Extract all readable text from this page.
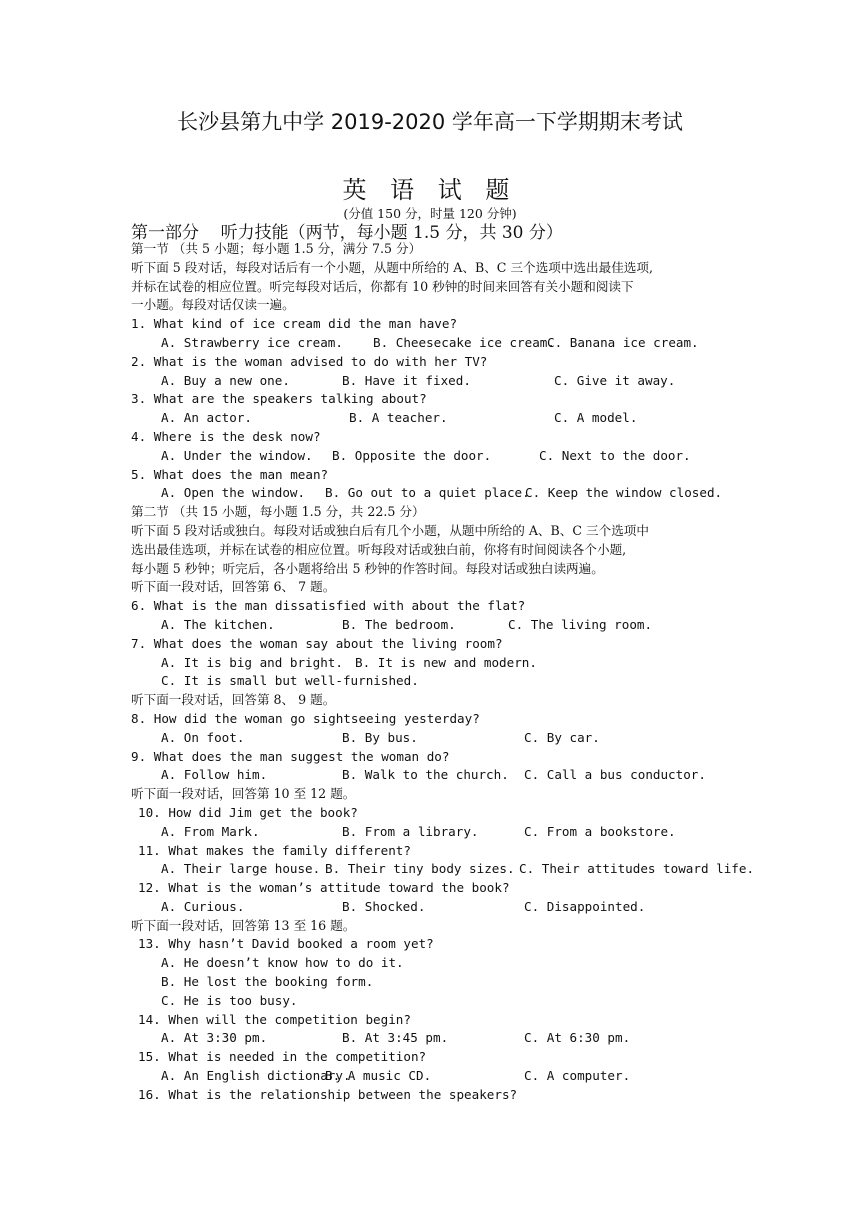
长沙县第九中学 2019-2020 学年高一下学期期末考试
英 语 试 题
(分值 150 分，时量 120 分钟)
第一部分    听力技能（两节，每小题 1.5 分，共 30 分）
第一节 （共 5 小题；每小题 1.5 分，满分 7.5 分）
听下面 5 段对话，每段对话后有一个小题，从题中所给的 A、B、C 三个选项中选出最佳选项,
并标在试卷的相应位置。听完每段对话后，你都有 10 秒钟的时间来回答有关小题和阅读下
一小题。每段对话仅读一遍。
1. What kind of ice cream did the man have?

A. Strawberry ice cream.

B. Cheesecake ice cream.

C. Banana ice cream.

2. What is the woman advised to do with her TV?

A. Buy a new one.

	B. Have it fixed.

	C. Give it away.

3. What are the speakers talking about?

A. An actor.

	B. A teacher.

	C. A model.

4. Where is the desk now?

A. Under the window.

B. Opposite the door.

	C. Next to the door.

5. What does the man mean?

A. Open the window.

B. Go out to a quiet place.

C. Keep the window closed.

第二节 （共 15 小题，每小题 1.5 分，共 22.5 分）
听下面 5 段对话或独白。每段对话或独白后有几个小题，从题中所给的 A、B、C 三个选项中
选出最佳选项，并标在试卷的相应位置。听每段对话或独白前，你将有时间阅读各个小题,
每小题 5 秒钟；听完后，各小题将给出 5 秒钟的作答时间。每段对话或独白读两遍。
听下面一段对话，回答第 6、 7 题。
6. What is the man dissatisfied with about the flat?

A. The kitchen.

	B. The bedroom.

	C. The living room.

7. What does the woman say about the living room?

A. It is big and bright.

B. It is new and modern.

C. It is small but well-furnished.

听下面一段对话，回答第 8、 9 题。
8. How did the woman go sightseeing yesterday?

A. On foot.

	B. By bus.

	C. By car.

9. What does the man suggest the woman do?

A. Follow him.

	B. Walk to the church.

C. Call a bus conductor.

听下面一段对话，回答第 10 至 12 题。
10. How did Jim get the book?

A. From Mark.

	B. From a library.

	C. From a bookstore.

11. What makes the family different?

A. Their large house.

B. Their tiny body sizes.

C. Their attitudes toward life.

12. What is the woman’s attitude toward the book?

A. Curious.

	B. Shocked.

	C. Disappointed.

听下面一段对话，回答第 13 至 16 题。
13. Why hasn’t David booked a room yet?

A. He doesn’t know how to do it.

B. He lost the booking form.

C. He is too busy.

14. When will the competition begin?

A. At 3:30 pm.

	B. At 3:45 pm.

	C. At 6:30 pm.

15. What is needed in the competition?

A. An English dictionary.

B. A music CD.

	C. A computer.

16. What is the relationship between the speakers?
